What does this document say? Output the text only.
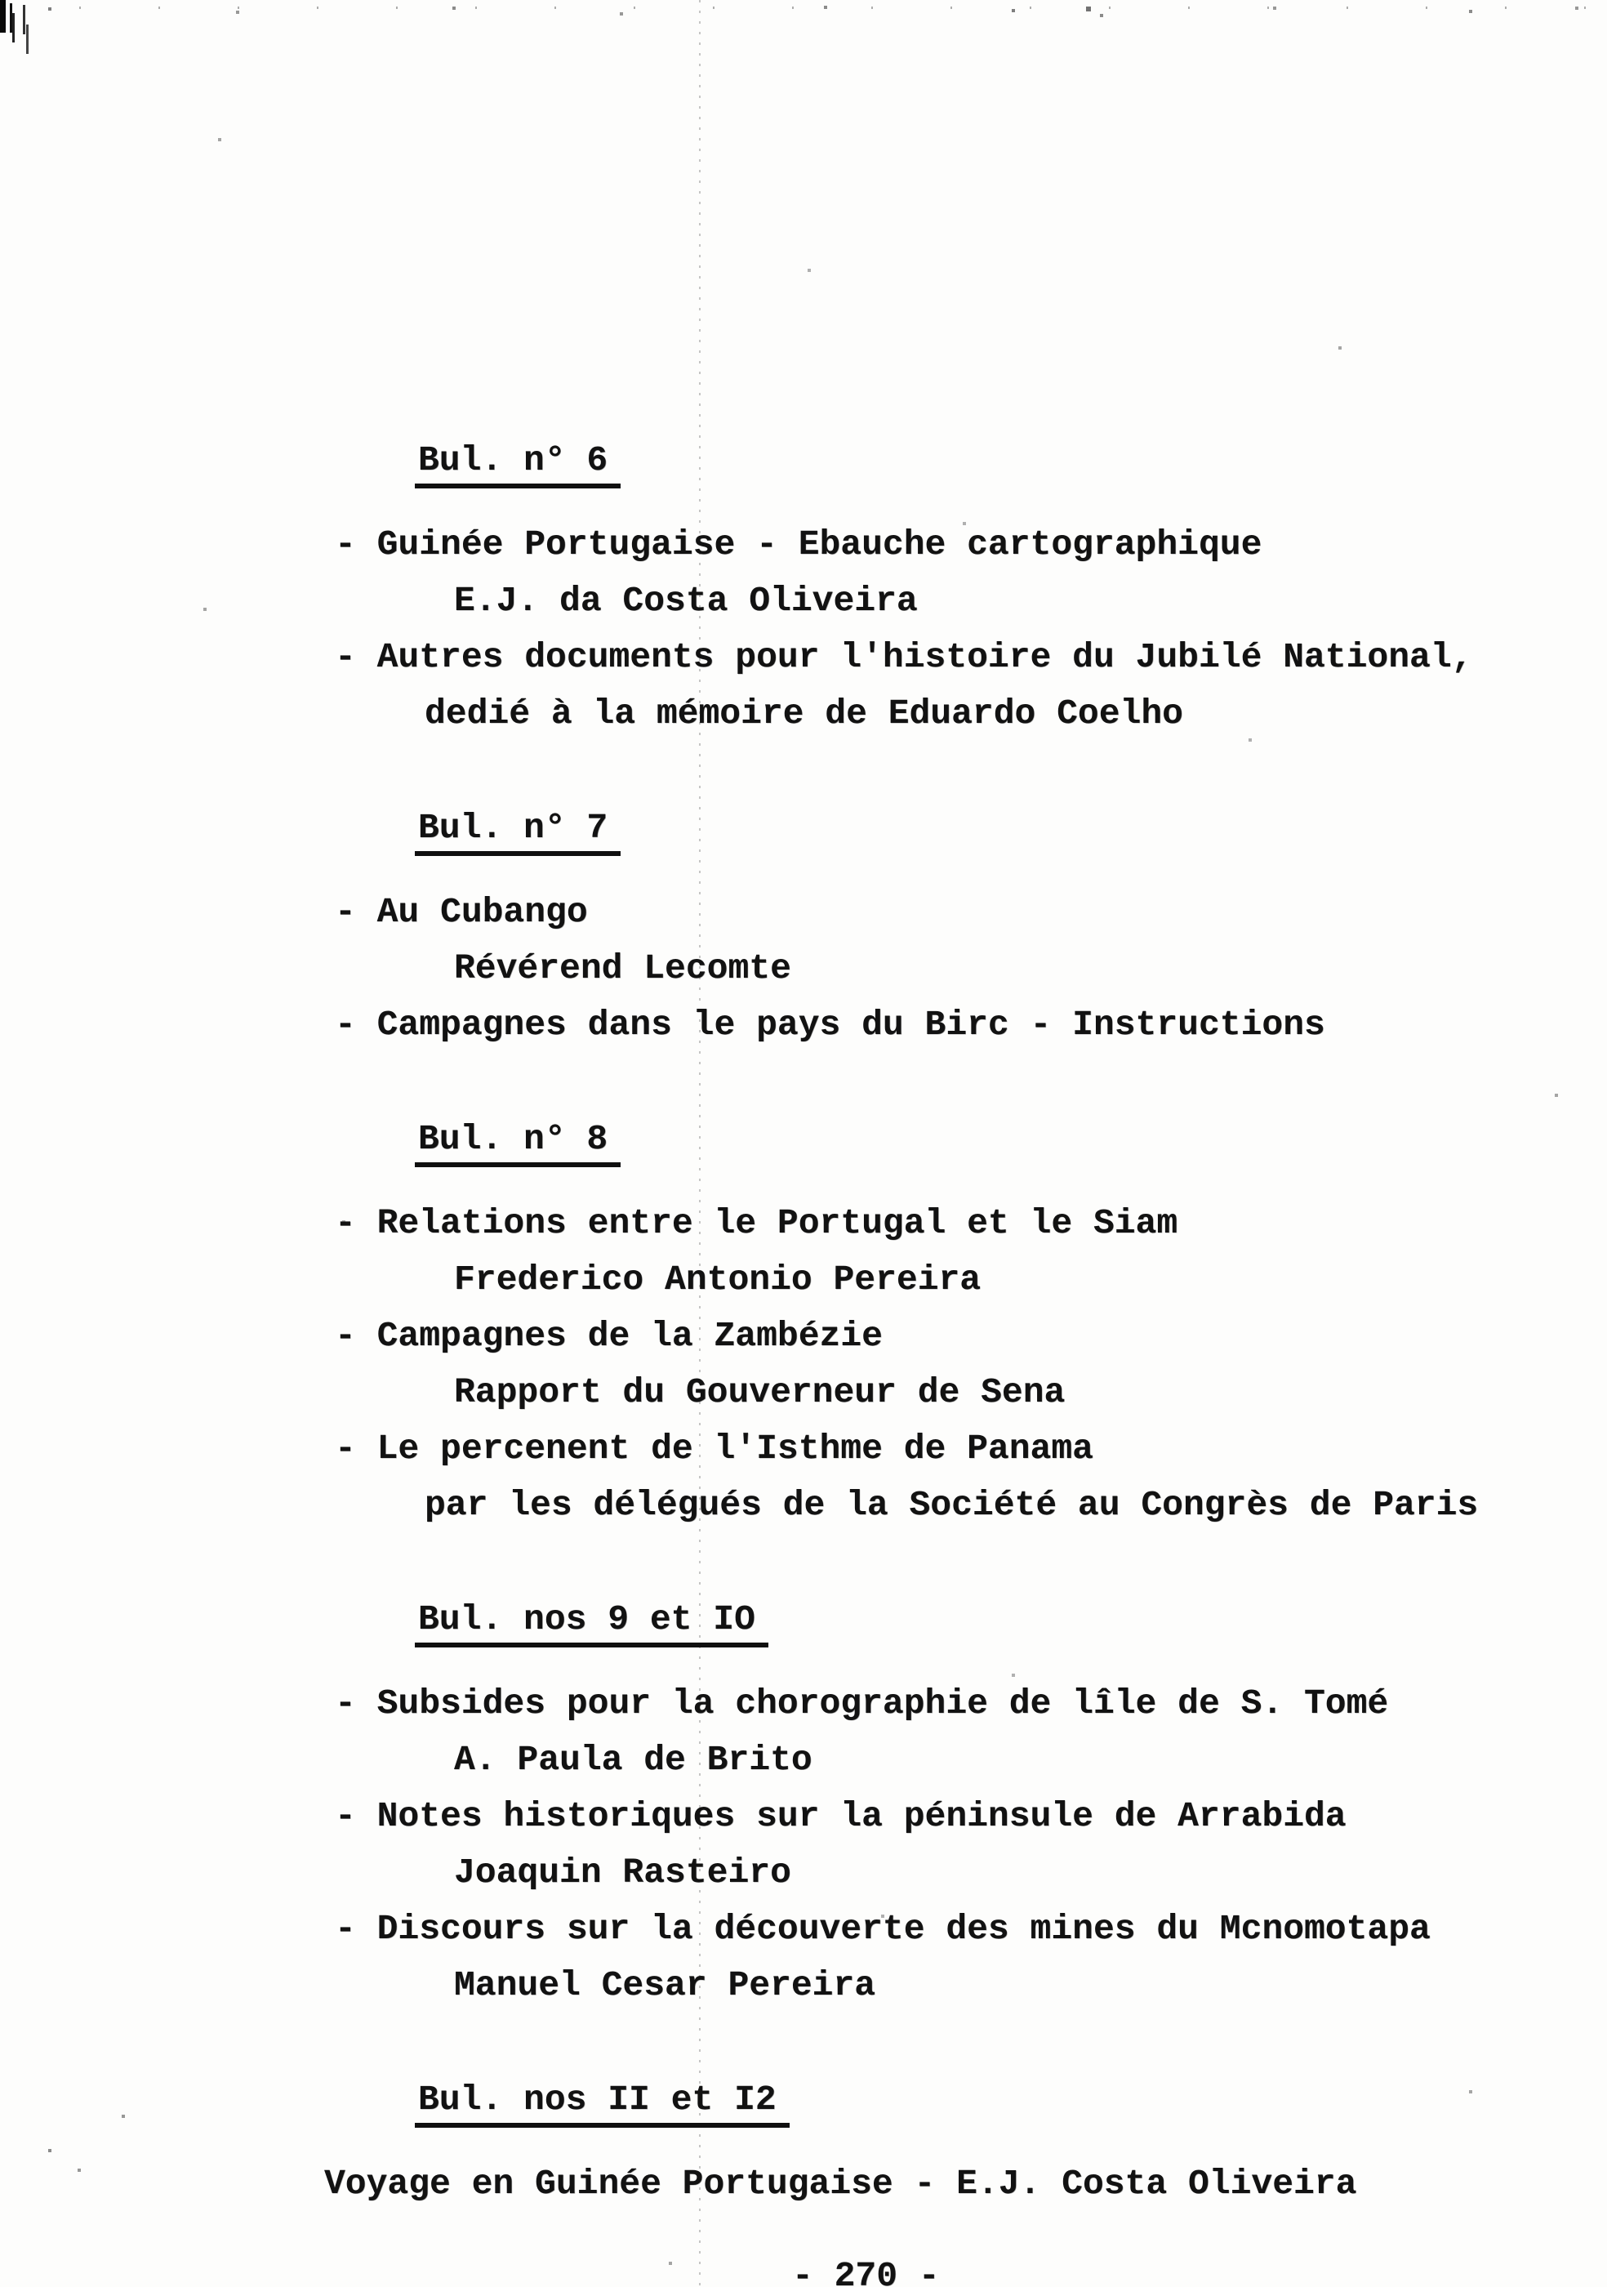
Bul. n° 6
- Guinée Portugaise - Ebauche cartographique
E.J. da Costa Oliveira
- Autres documents pour l'histoire du Jubilé National,
dedié à la mémoire de Eduardo Coelho
Bul. n° 7
- Au Cubango
Révérend Lecomte
- Campagnes dans le pays du Birc - Instructions
Bul. n° 8
- Relations entre le Portugal et le Siam
Frederico Antonio Pereira
- Campagnes de la Zambézie
Rapport du Gouverneur de Sena
- Le percenent de l'Isthme de Panama
par les délégués de la Société au Congrès de Paris
Bul. nos 9 et IO
- Subsides pour la chorographie de lîle de S. Tomé
A. Paula de Brito
- Notes historiques sur la péninsule de Arrabida
Joaquin Rasteiro
- Discours sur la découverte des mines du Mcnomotapa
Manuel Cesar Pereira
Bul. nos II et I2
Voyage en Guinée Portugaise - E.J. Costa Oliveira
- 270 -
